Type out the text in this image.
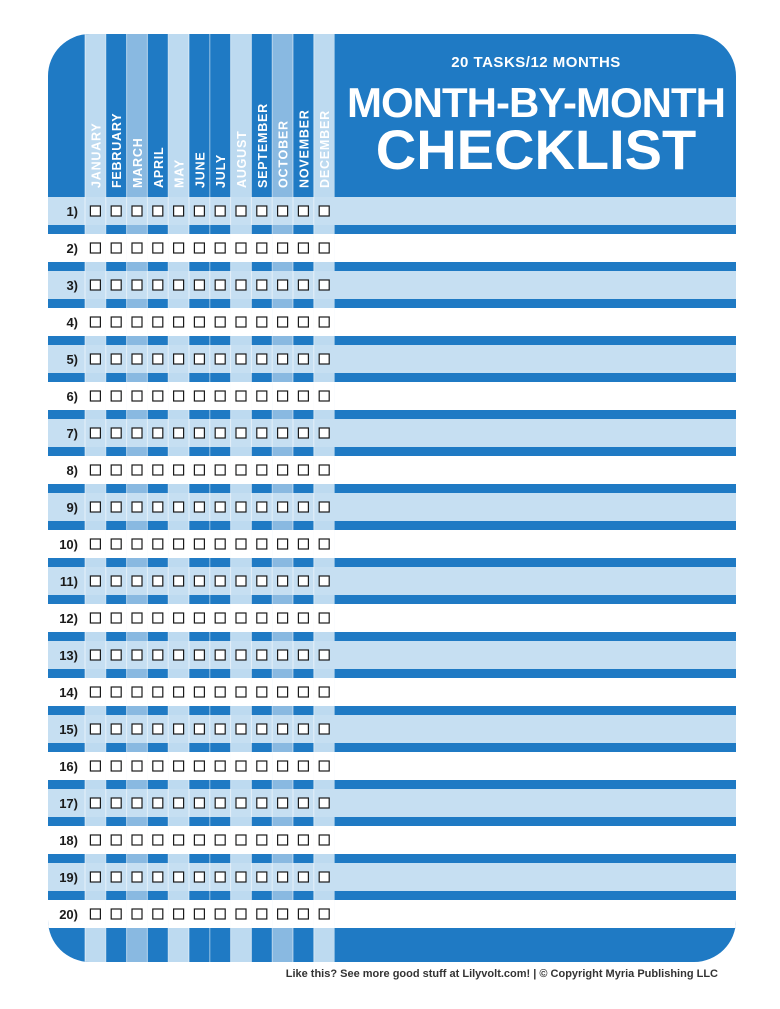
JANUARY FEBRUARY MARCH APRIL MAY JUNE JULY AUGUST SEPTEMBER OCTOBER NOVEMBER DECEMBER
1)
2)
3)
4)
5)
6)
7)
8)
9)
10)
11)
12)
13)
14)
15)
16)
17)
18)
19)
20)
20 TASKS/12 MONTHS
MONTH-BY-MONTH
CHECKLIST
Like this? See more good stuff at Lilyvolt.com! | © Copyright Myria Publishing LLC
